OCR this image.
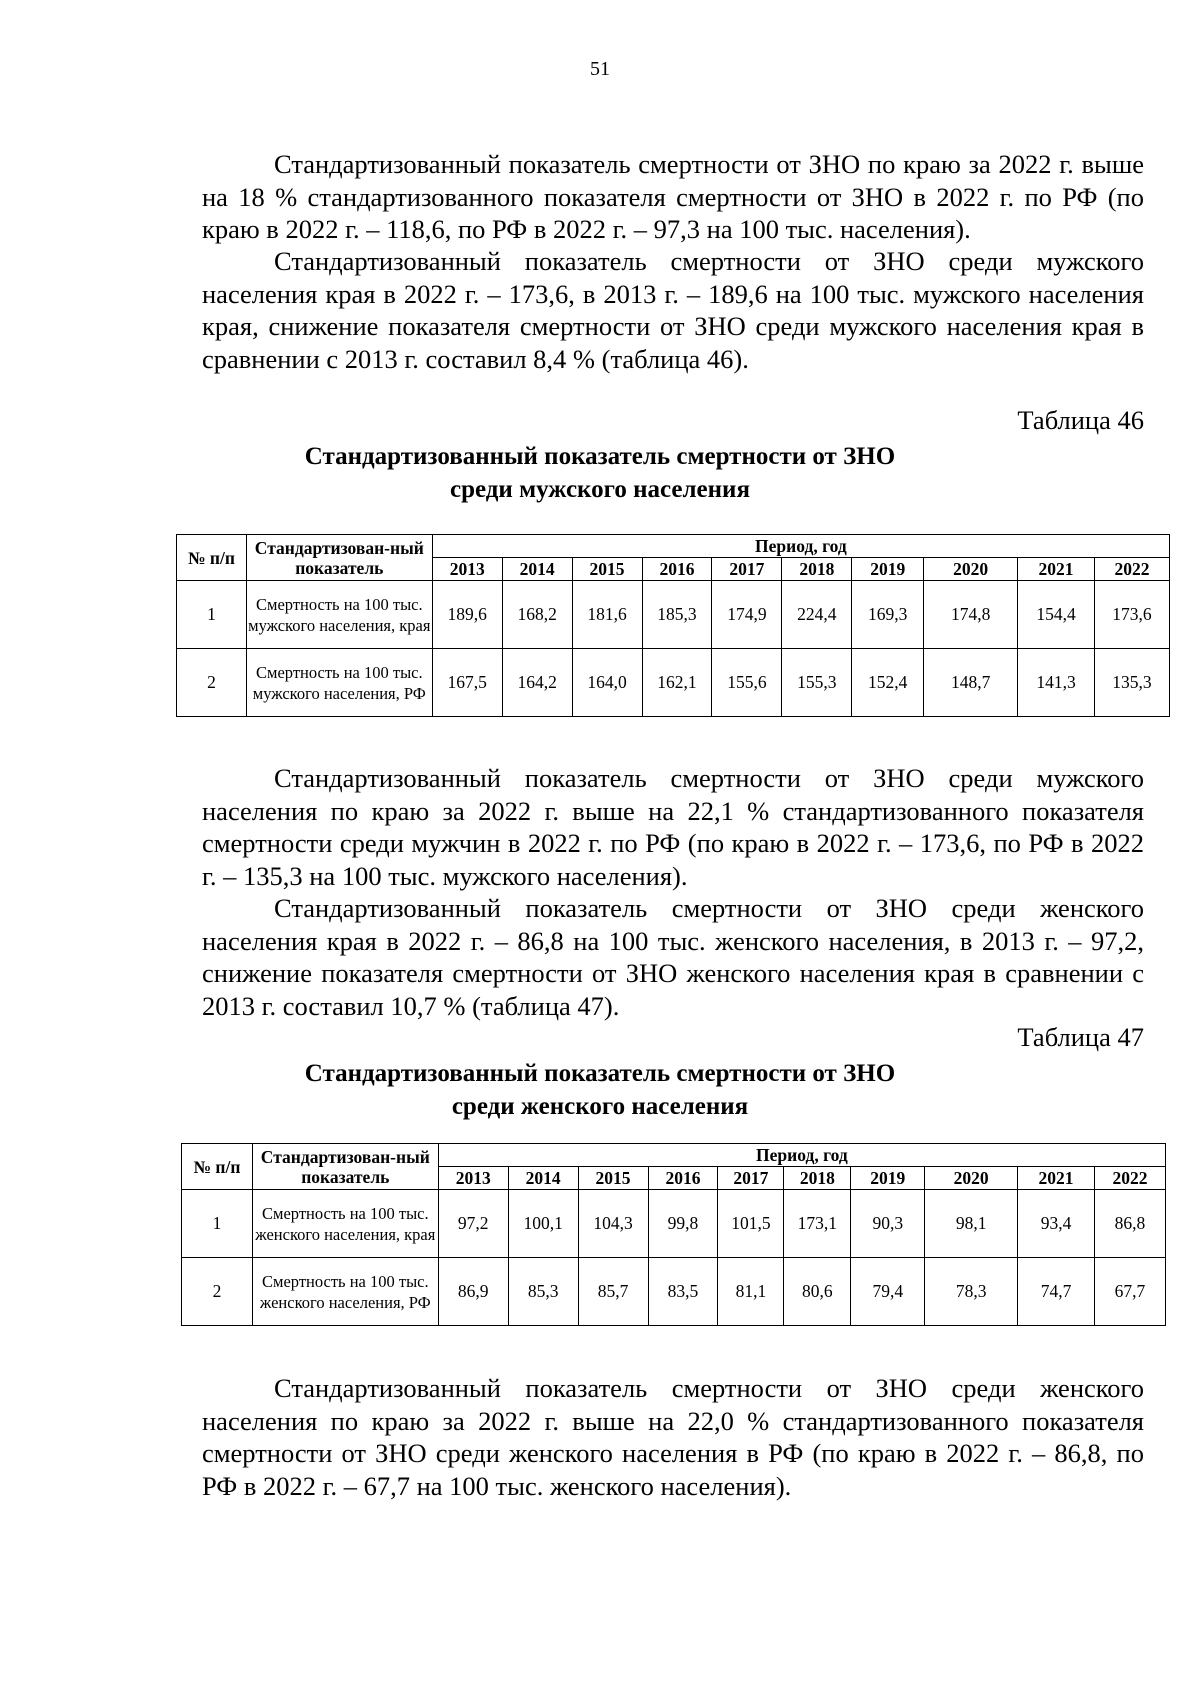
51

Стандартизованный показатель смертности от ЗНО по краю за 2022 г. выше на 18 % стандартизованного показателя смертности от ЗНО в 2022 г. по РФ (по краю в 2022 г. – 118,6, по РФ в 2022 г. – 97,3 на 100 тыс. населения).

Стандартизованный показатель смертности от ЗНО среди мужского населения края в 2022 г. – 173,6, в 2013 г. – 189,6 на 100 тыс. мужского населения края, снижение показателя смертности от ЗНО среди мужского населения края в сравнении с 2013 г. составил 8,4 % (таблица 46).

Таблица 46

Стандартизованный показатель смертности от ЗНО

среди мужского населения

№ п/п	Стандартизован-ный показатель	Период, год									
		2013	2014	2015	2016	2017	2018	2019	2020	2021	2022
1	Смертность на 100 тыс. мужского населения, края	189,6	168,2	181,6	185,3	174,9	224,4	169,3	174,8	154,4	173,6
2	Смертность на 100 тыс. мужского населения, РФ	167,5	164,2	164,0	162,1	155,6	155,3	152,4	148,7	141,3	135,3

Стандартизованный показатель смертности от ЗНО среди мужского населения по краю за 2022 г. выше на 22,1 % стандартизованного показателя смертности среди мужчин в 2022 г. по РФ (по краю в 2022 г. – 173,6, по РФ в 2022 г. – 135,3 на 100 тыс. мужского населения).

Стандартизованный показатель смертности от ЗНО среди женского населения края в 2022 г. – 86,8 на 100 тыс. женского населения, в 2013 г. – 97,2, снижение показателя смертности от ЗНО женского населения края в сравнении с 2013 г. составил 10,7 % (таблица 47).

Таблица 47

Стандартизованный показатель смертности от ЗНО

среди женского населения

№ п/п	Стандартизован-ный показатель	Период, год									
		2013	2014	2015	2016	2017	2018	2019	2020	2021	2022
1	Смертность на 100 тыс. женского населения, края	97,2	100,1	104,3	99,8	101,5	173,1	90,3	98,1	93,4	86,8
2	Смертность на 100 тыс. женского населения, РФ	86,9	85,3	85,7	83,5	81,1	80,6	79,4	78,3	74,7	67,7

Стандартизованный показатель смертности от ЗНО среди женского населения по краю за 2022 г. выше на 22,0 % стандартизованного показателя смертности от ЗНО среди женского населения в РФ (по краю в 2022 г. – 86,8, по РФ в 2022 г. – 67,7 на 100 тыс. женского населения).
